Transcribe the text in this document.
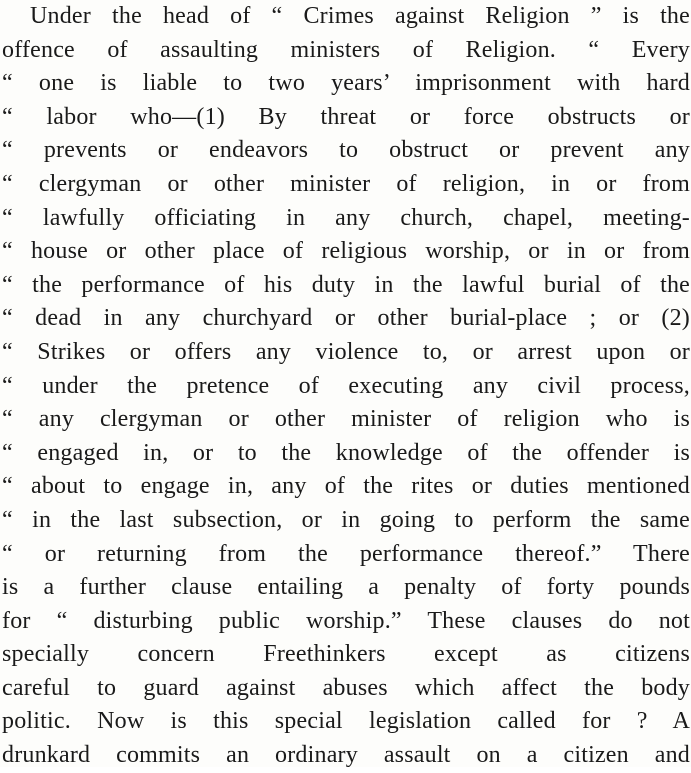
Under the head of “ Crimes against Religion ” is the
offence of assaulting ministers of Religion. “ Every
“ one is liable to two years’ imprisonment with hard
“ labor who—(1) By threat or force obstructs or
“ prevents or endeavors to obstruct or prevent any
“ clergyman or other minister of religion, in or from
“ lawfully officiating in any church, chapel, meeting-
“ house or other place of religious worship, or in or from
“ the performance of his duty in the lawful burial of the
“ dead in any churchyard or other burial-place ; or (2)
“ Strikes or offers any violence to, or arrest upon or
“ under the pretence of executing any civil process,
“ any clergyman or other minister of religion who is
“ engaged in, or to the knowledge of the offender is
“ about to engage in, any of the rites or duties mentioned
“ in the last subsection, or in going to perform the same
“ or returning from the performance thereof.” There
is a further clause entailing a penalty of forty pounds
for “ disturbing public worship.” These clauses do not
specially concern Freethinkers except as citizens
careful to guard against abuses which affect the body
politic. Now is this special legislation called for ? A
drunkard commits an ordinary assault on a citizen and
